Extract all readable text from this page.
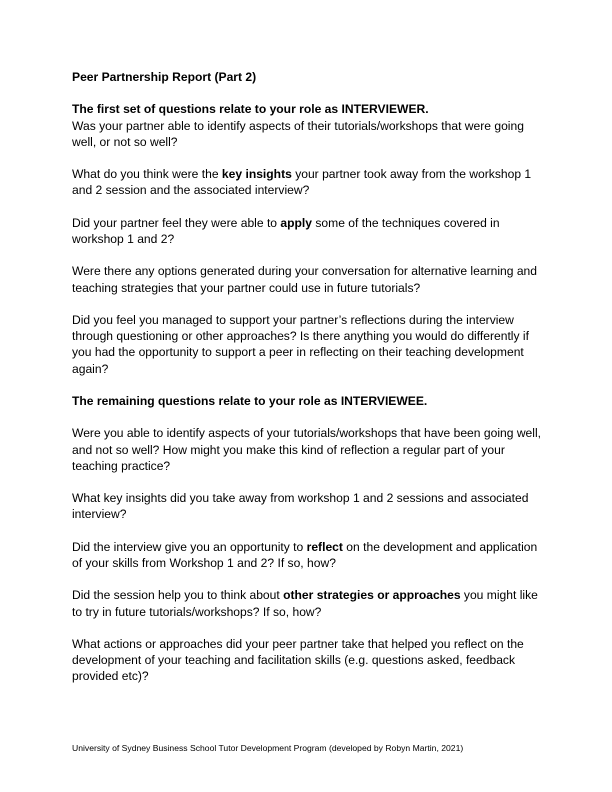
Peer Partnership Report (Part 2)

The first set of questions relate to your role as INTERVIEWER.

Was your partner able to identify aspects of their tutorials/workshops that were going well, or not so well?

What do you think were the key insights your partner took away from the workshop 1 and 2 session and the associated interview?

Did your partner feel they were able to apply some of the techniques covered in workshop 1 and 2?

Were there any options generated during your conversation for alternative learning and teaching strategies that your partner could use in future tutorials?

Did you feel you managed to support your partner’s reflections during the interview through questioning or other approaches? Is there anything you would do differently if you had the opportunity to support a peer in reflecting on their teaching development again?

The remaining questions relate to your role as INTERVIEWEE.

Were you able to identify aspects of your tutorials/workshops that have been going well, and not so well? How might you make this kind of reflection a regular part of your teaching practice?

What key insights did you take away from workshop 1 and 2 sessions and associated interview?

Did the interview give you an opportunity to reflect on the development and application of your skills from Workshop 1 and 2? If so, how?

Did the session help you to think about other strategies or approaches you might like to try in future tutorials/workshops? If so, how?

What actions or approaches did your peer partner take that helped you reflect on the development of your teaching and facilitation skills (e.g. questions asked, feedback provided etc)?

University of Sydney Business School Tutor Development Program (developed by Robyn Martin, 2021)
